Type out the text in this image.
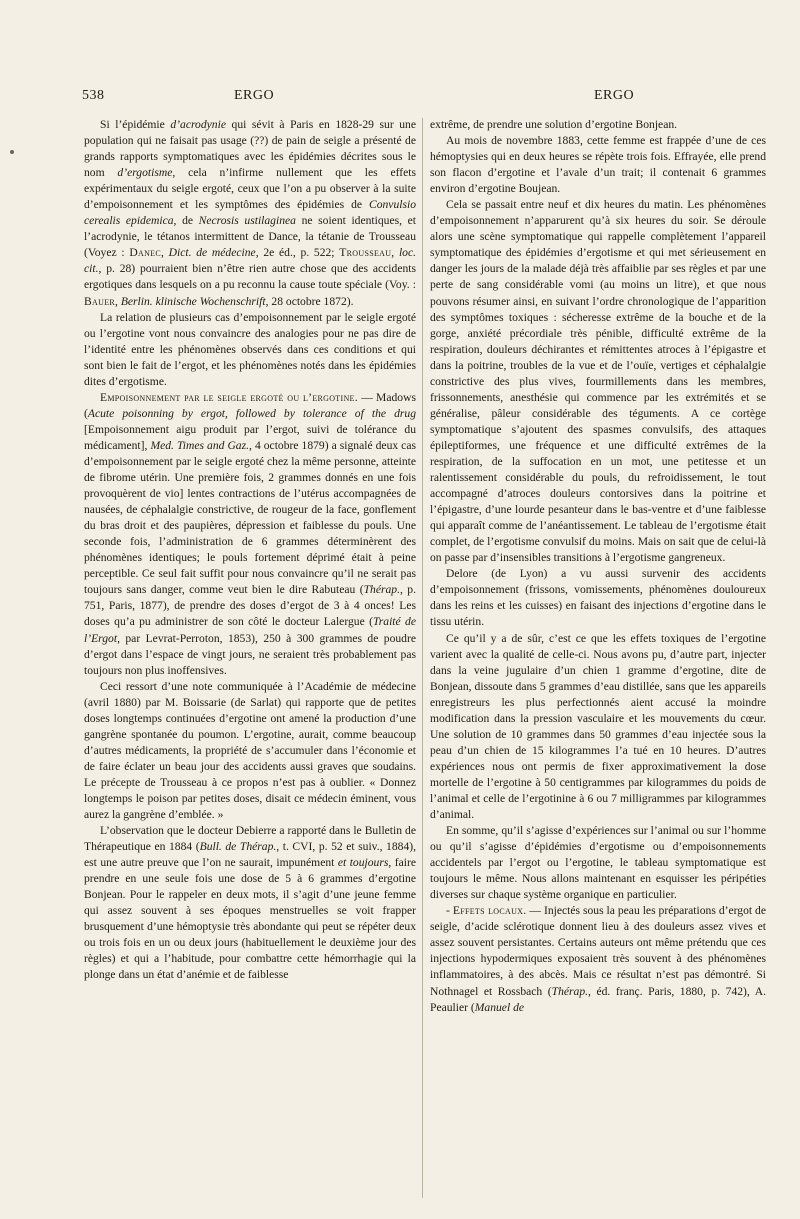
538	ERGO	ERGO

Si l’épidémie d’acrodynie qui sévit à Paris en 1828-29 sur une population qui ne faisait pas usage (??) de pain de seigle a présenté de grands rapports symptomatiques avec les épidémies décrites sous le nom d’ergotisme, cela n’infirme nullement que les effets expérimentaux du seigle ergoté, ceux que l’on a pu observer à la suite d’empoisonnement et les symptômes des épidémies de Convulsio cerealis epidemica, de Necrosis ustilaginea ne soient identiques, et l’acrodynie, le tétanos intermittent de Dance, la tétanie de Trousseau (Voyez : Danec, Dict. de médecine, 2e éd., p. 522; Trousseau, loc. cit., p. 28) pourraient bien n’être rien autre chose que des accidents ergotiques dans lesquels on a pu reconnu la cause toute spéciale (Voy. : Bauer, Berlin. klinische Wochenschrift, 28 octobre 1872).

La relation de plusieurs cas d’empoisonnement par le seigle ergoté ou l’ergotine vont nous convaincre des analogies pour ne pas dire de l’identité entre les phénomènes observés dans ces conditions et qui sont bien le fait de l’ergot, et les phénomènes notés dans les épidémies dites d’ergotisme.

Empoisonnement par le seigle ergoté ou l’ergotine. — Madows (Acute poisonning by ergot, followed by tolerance of the drug [Empoisonnement aigu produit par l’ergot, suivi de tolérance du médicament], Med. Times and Gaz., 4 octobre 1879) a signalé deux cas d’empoisonnement par le seigle ergoté chez la même personne, atteinte de fibrome utérin. Une première fois, 2 grammes donnés en une fois provoquèrent de vio] lentes contractions de l’utérus accompagnées de nausées, de céphalalgie constrictive, de rougeur de la face, gonflement du bras droit et des paupières, dépression et faiblesse du pouls. Une seconde fois, l’administration de 6 grammes déterminèrent des phénomènes identiques; le pouls fortement déprimé était à peine perceptible. Ce seul fait suffit pour nous convaincre qu’il ne serait pas toujours sans danger, comme veut bien le dire Rabuteau (Thérap., p. 751, Paris, 1877), de prendre des doses d’ergot de 3 à 4 onces! Les doses qu’a pu administrer de son côté le docteur Lalergue (Traité de l’Ergot, par Levrat-Perroton, 1853), 250 à 300 grammes de poudre d’ergot dans l’espace de vingt jours, ne seraient très probablement pas toujours non plus inoffensives.

Ceci ressort d’une note communiquée à l’Académie de médecine (avril 1880) par M. Boissarie (de Sarlat) qui rapporte que de petites doses longtemps continuées d’ergotine ont amené la production d’une gangrène spontanée du poumon. L’ergotine, aurait, comme beaucoup d’autres médicaments, la propriété de s’accumuler dans l’économie et de faire éclater un beau jour des accidents aussi graves que soudains. Le précepte de Trousseau à ce propos n’est pas à oublier. « Donnez longtemps le poison par petites doses, disait ce médecin éminent, vous aurez la gangrène d’emblée. »

L’observation que le docteur Debierre a rapporté dans le Bulletin de Thérapeutique en 1884 (Bull. de Thérap., t. CVI, p. 52 et suiv., 1884), est une autre preuve que l’on ne saurait, impunément et toujours, faire prendre en une seule fois une dose de 5 à 6 grammes d’ergotine Bonjean. Pour le rappeler en deux mots, il s’agit d’une jeune femme qui assez souvent à ses époques menstruelles se voit frapper brusquement d’une hémoptysie très abondante qui peut se répéter deux ou trois fois en un ou deux jours (habituellement le deuxième jour des règles) et qui a l’habitude, pour combattre cette hémorrhagie qui la plonge dans un état d’anémie et de faiblesse

extrême, de prendre une solution d’ergotine Bonjean.

Au mois de novembre 1883, cette femme est frappée d’une de ces hémoptysies qui en deux heures se répète trois fois. Effrayée, elle prend son flacon d’ergotine et l’avale d’un trait; il contenait 6 grammes environ d’ergotine Boujean.

Cela se passait entre neuf et dix heures du matin. Les phénomènes d’empoisonnement n’apparurent qu’à six heures du soir. Se déroule alors une scène symptomatique qui rappelle complètement l’appareil symptomatique des épidémies d’ergotisme et qui met sérieusement en danger les jours de la malade déjà très affaiblie par ses règles et par une perte de sang considérable vomi (au moins un litre), et que nous pouvons résumer ainsi, en suivant l’ordre chronologique de l’apparition des symptômes toxiques : sécheresse extrême de la bouche et de la gorge, anxiété précordiale très pénible, difficulté extrême de la respiration, douleurs déchirantes et rémittentes atroces à l’épigastre et dans la poitrine, troubles de la vue et de l’ouïe, vertiges et céphalalgie constrictive des plus vives, fourmillements dans les membres, frissonnements, anesthésie qui commence par les extrémités et se généralise, pâleur considérable des téguments. A ce cortège symptomatique s’ajoutent des spasmes convulsifs, des attaques épileptiformes, une fréquence et une difficulté extrêmes de la respiration, de la suffocation en un mot, une petitesse et un ralentissement considérable du pouls, du refroidissement, le tout accompagné d’atroces douleurs contorsives dans la poitrine et l’épigastre, d’une lourde pesanteur dans le bas-ventre et d’une faiblesse qui apparaît comme de l’anéantissement. Le tableau de l’ergotisme était complet, de l’ergotisme convulsif du moins. Mais on sait que de celui-là on passe par d’insensibles transitions à l’ergotisme gangreneux.

Delore (de Lyon) a vu aussi survenir des accidents d’empoisonnement (frissons, vomissements, phénomènes douloureux dans les reins et les cuisses) en faisant des injections d’ergotine dans le tissu utérin.

Ce qu’il y a de sûr, c’est ce que les effets toxiques de l’ergotine varient avec la qualité de celle-ci. Nous avons pu, d’autre part, injecter dans la veine jugulaire d’un chien 1 gramme d’ergotine, dite de Bonjean, dissoute dans 5 grammes d’eau distillée, sans que les appareils enregistreurs les plus perfectionnés aient accusé la moindre modification dans la pression vasculaire et les mouvements du cœur. Une solution de 10 grammes dans 50 grammes d’eau injectée sous la peau d’un chien de 15 kilogrammes l’a tué en 10 heures. D’autres expériences nous ont permis de fixer approximativement la dose mortelle de l’ergotine à 50 centigrammes par kilogrammes du poids de l’animal et celle de l’ergotinine à 6 ou 7 milligrammes par kilogrammes d’animal.

En somme, qu’il s’agisse d’expériences sur l’animal ou sur l’homme ou qu’il s’agisse d’épidémies d’ergotisme ou d’empoisonnements accidentels par l’ergot ou l’ergotine, le tableau symptomatique est toujours le même. Nous allons maintenant en esquisser les péripéties diverses sur chaque système organique en particulier.

- Effets locaux. — Injectés sous la peau les préparations d’ergot de seigle, d’acide sclérotique donnent lieu à des douleurs assez vives et assez souvent persistantes. Certains auteurs ont même prétendu que ces injections hypodermiques exposaient très souvent à des phénomènes inflammatoires, à des abcès. Mais ce résultat n’est pas démontré. Si Nothnagel et Rossbach (Thérap., éd. franç. Paris, 1880, p. 742), A. Peaulier (Manuel de
